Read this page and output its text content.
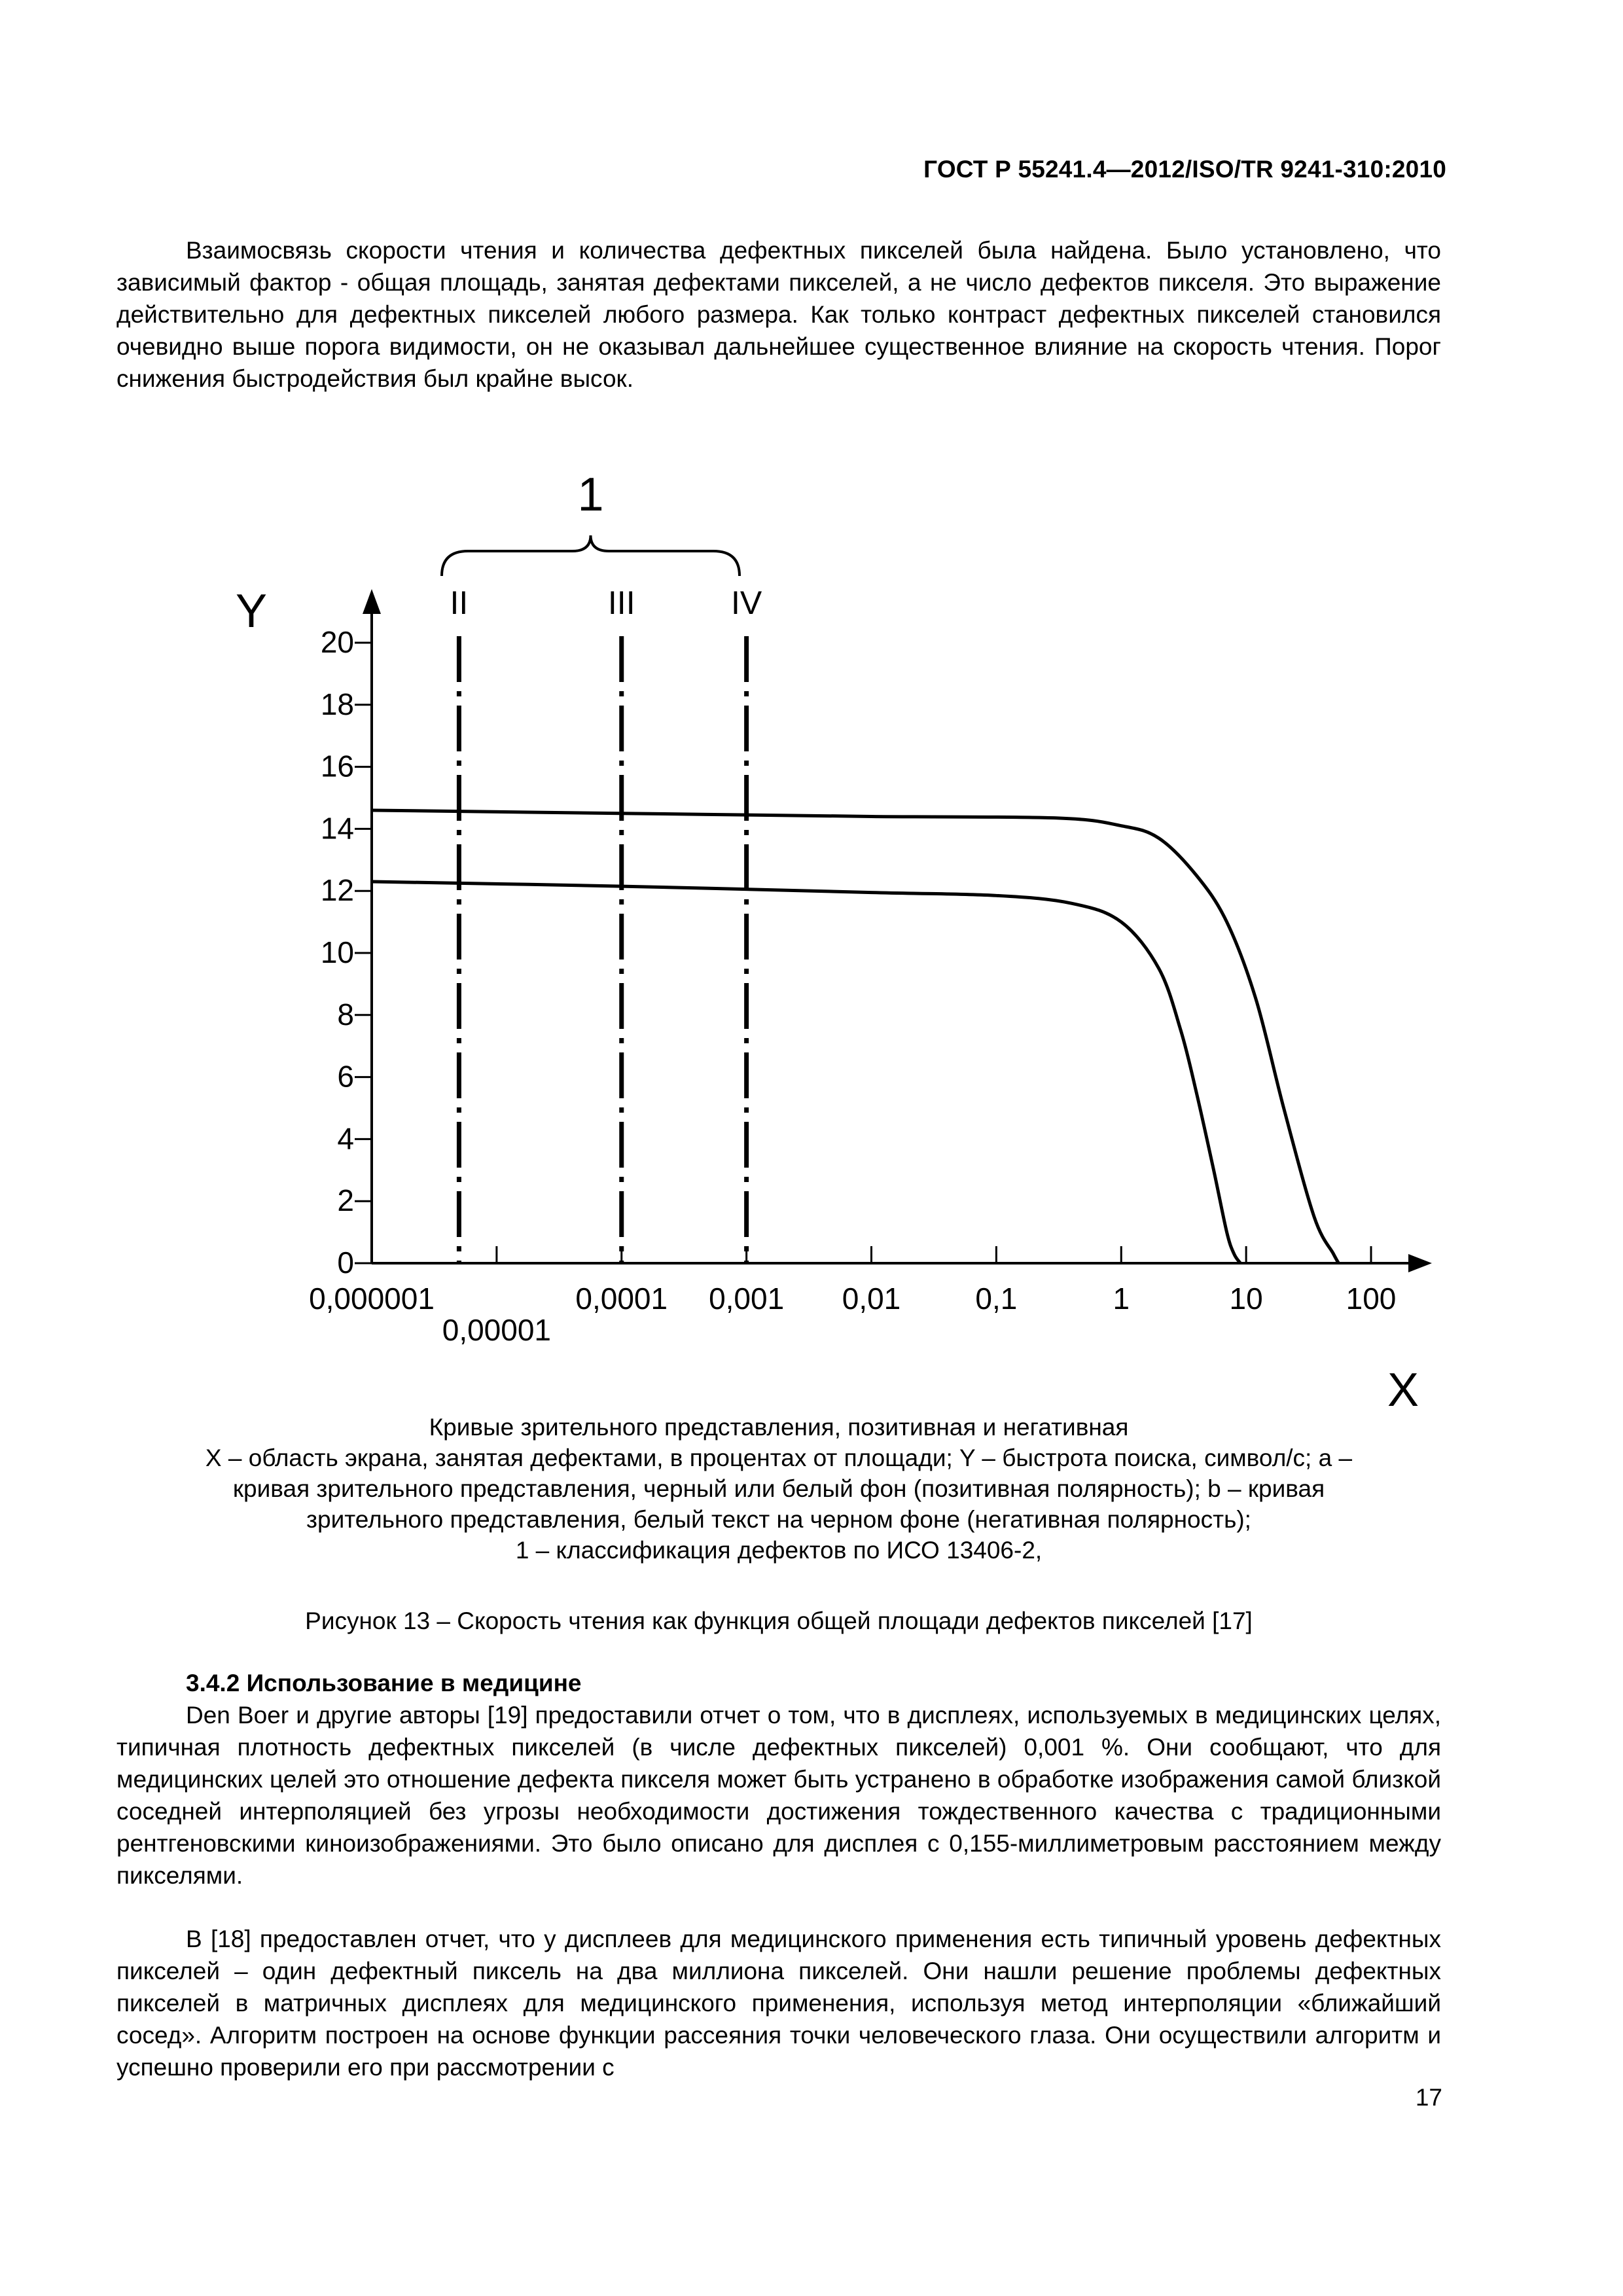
ГОСТ Р 55241.4—2012/ISO/TR 9241-310:2010

Взаимосвязь скорости чтения и количества дефектных пикселей была найдена. Было установлено, что зависимый фактор - общая площадь, занятая дефектами пикселей, а не число дефектов пикселя. Это выражение действительно для дефектных пикселей любого размера. Как только контраст дефектных пикселей становился очевидно выше порога видимости, он не оказывал дальнейшее существенное влияние на скорость чтения. Порог снижения быстродействия был крайне высок.

0
2
4
6
8
10
12
14
16
18
20
0,000001
0,00001
0,0001 0,001 0,01 0,1	1	10	100
II	III	IV
Y
X
1
Кривые зрительного представления, позитивная и негативная
X – область экрана, занятая дефектами, в процентах от площади; Y – быстрота поиска, символ/с; a –
кривая зрительного представления, черный или белый фон (позитивная полярность); b – кривая
зрительного представления, белый текст на черном фоне (негативная полярность);
1 – классификация дефектов по ИСО 13406-2,
Рисунок 13 – Скорость чтения как функция общей площади дефектов пикселей [17]
3.4.2 Использование в медицине

Den Boer и другие авторы [19] предоставили отчет о том, что в дисплеях, используемых в медицинских целях, типичная плотность дефектных пикселей (в числе дефектных пикселей) 0,001 %. Они сообщают, что для медицинских целей это отношение дефекта пикселя может быть устранено в обработке изображения самой близкой соседней интерполяцией без угрозы необходимости достижения тождественного качества с традиционными рентгеновскими киноизображениями. Это было описано для дисплея с 0,155-миллиметровым расстоянием между пикселями.

В [18] предоставлен отчет, что у дисплеев для медицинского применения есть типичный уровень дефектных пикселей – один дефектный пиксель на два миллиона пикселей. Они нашли решение проблемы дефектных пикселей в матричных дисплеях для медицинского применения, используя метод интерполяции «ближайший сосед». Алгоритм построен на основе функции рассеяния точки человеческого глаза. Они осуществили алгоритм и успешно проверили его при рассмотрении с

17
